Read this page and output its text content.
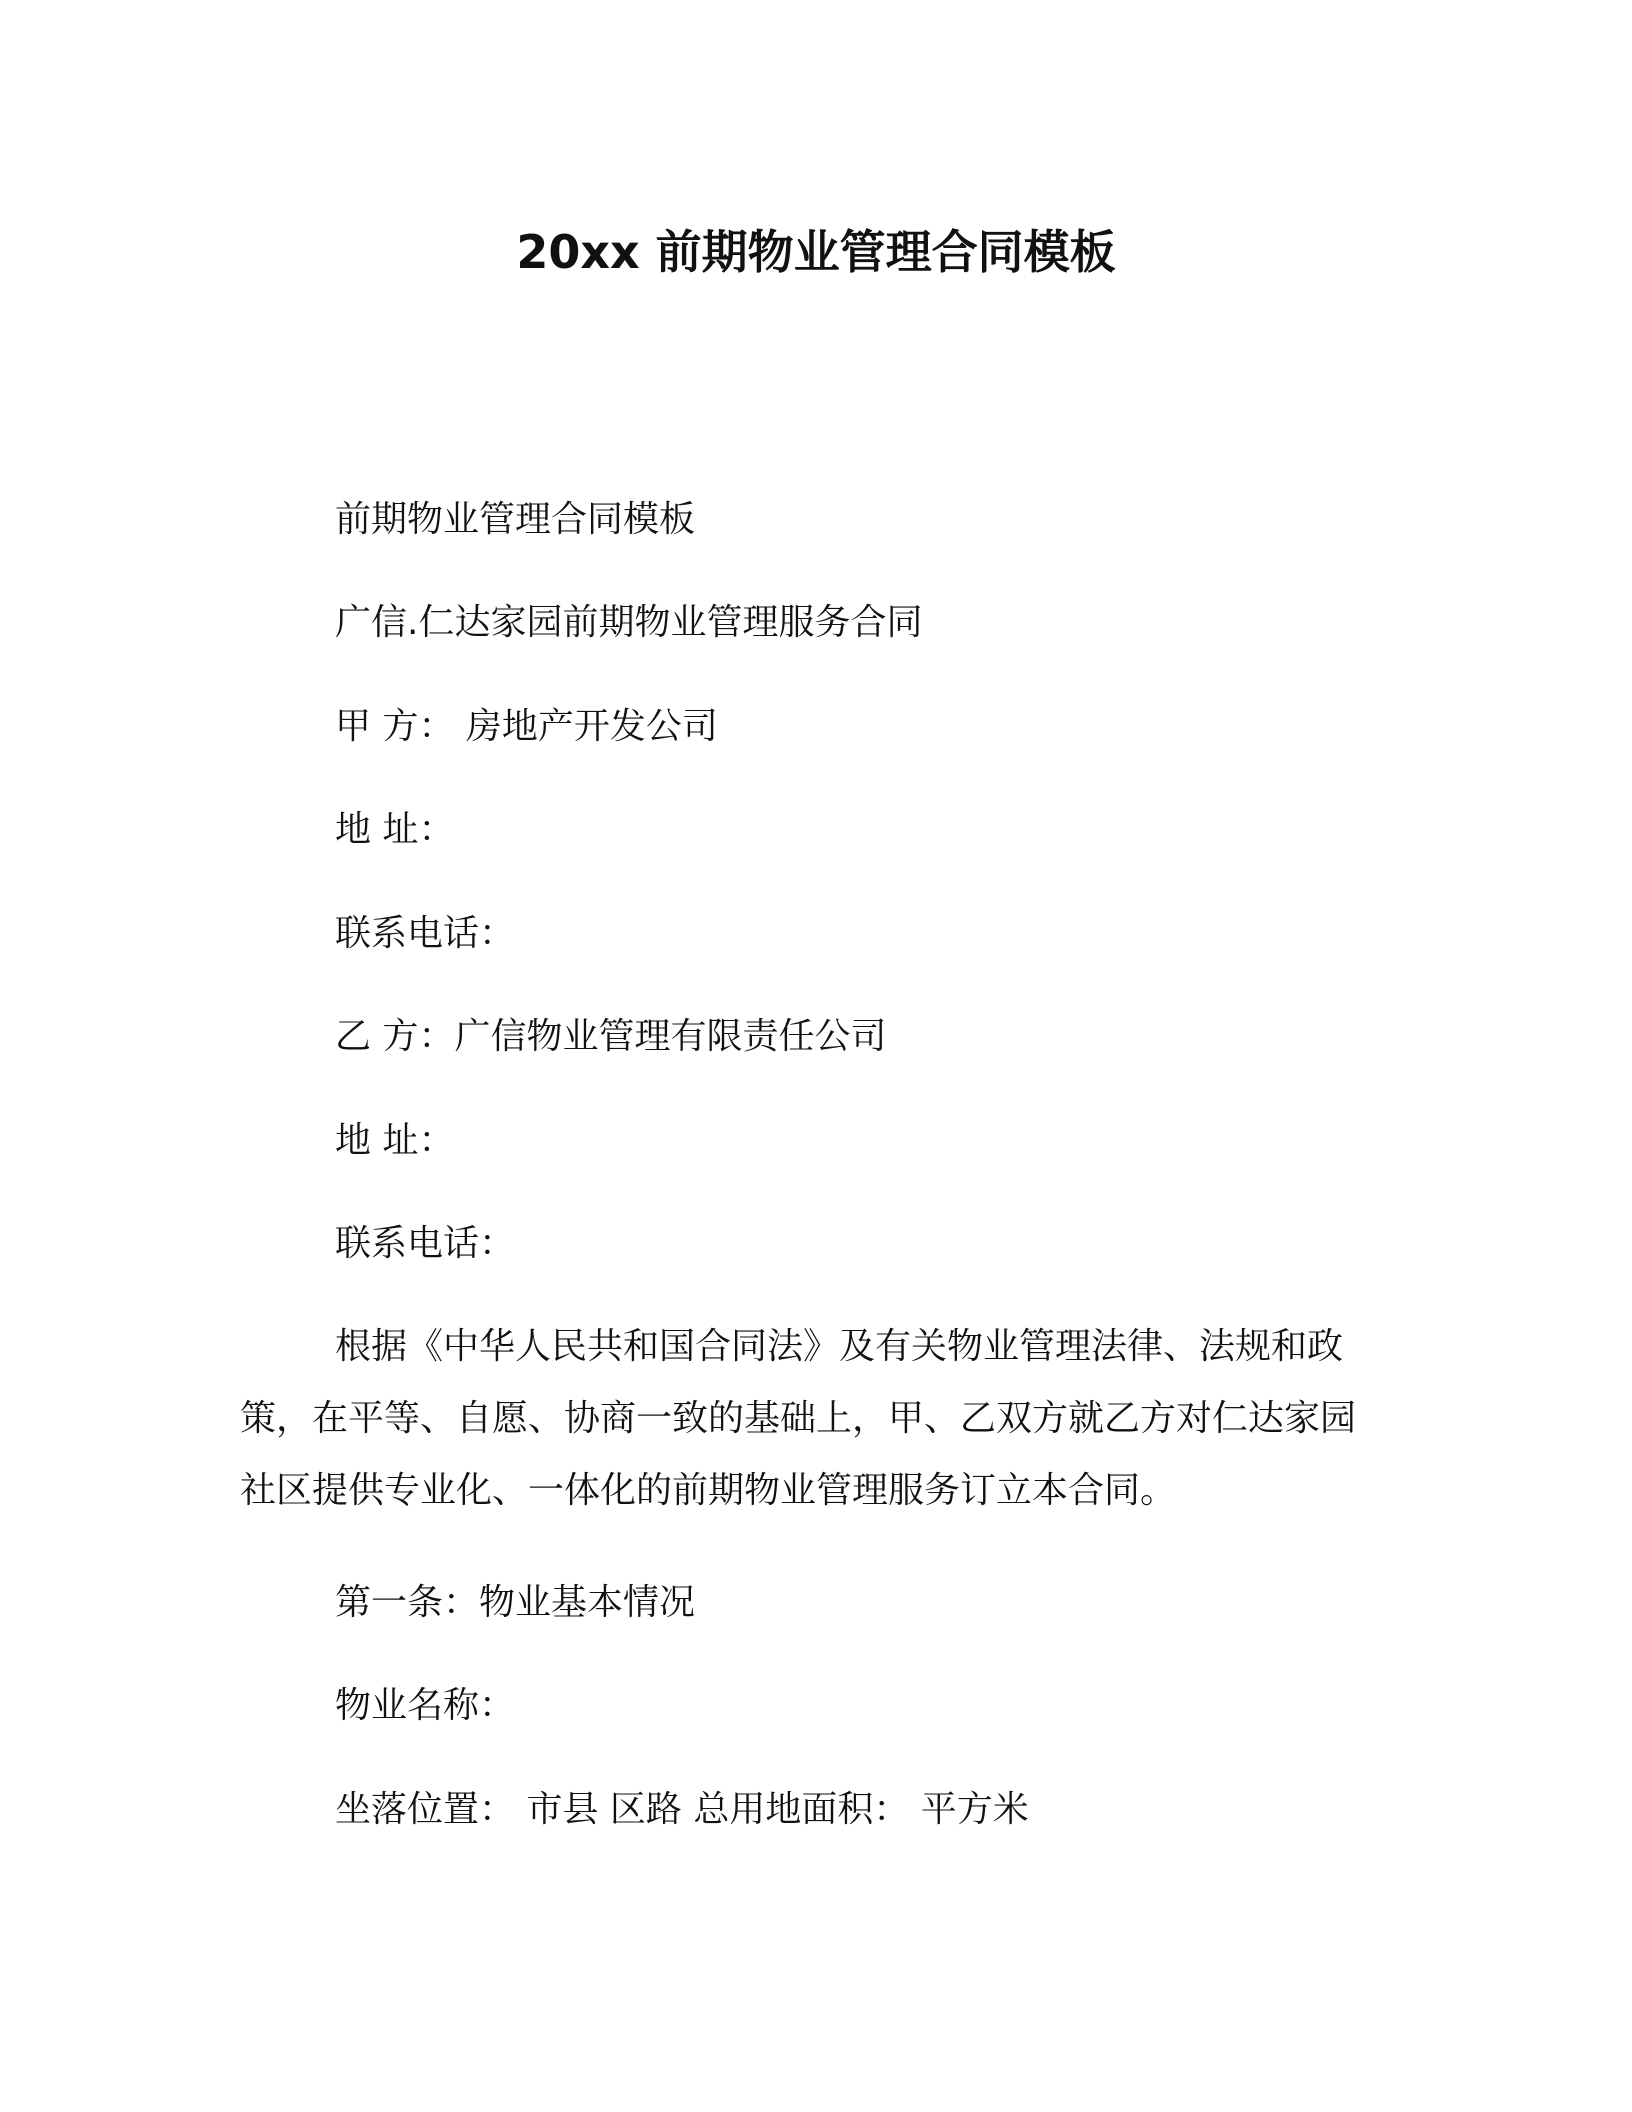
20xx 前期物业管理合同模板
前期物业管理合同模板
广信.仁达家园前期物业管理服务合同
甲 方： 房地产开发公司
地 址：
联系电话：
乙 方：广信物业管理有限责任公司
地 址：
联系电话：
根据《中华人民共和国合同法》及有关物业管理法律、法规和政策，在平等、自愿、协商一致的基础上，甲、乙双方就乙方对仁达家园社区提供专业化、一体化的前期物业管理服务订立本合同。
第一条：物业基本情况
物业名称：
坐落位置： 市县 区路 总用地面积： 平方米
